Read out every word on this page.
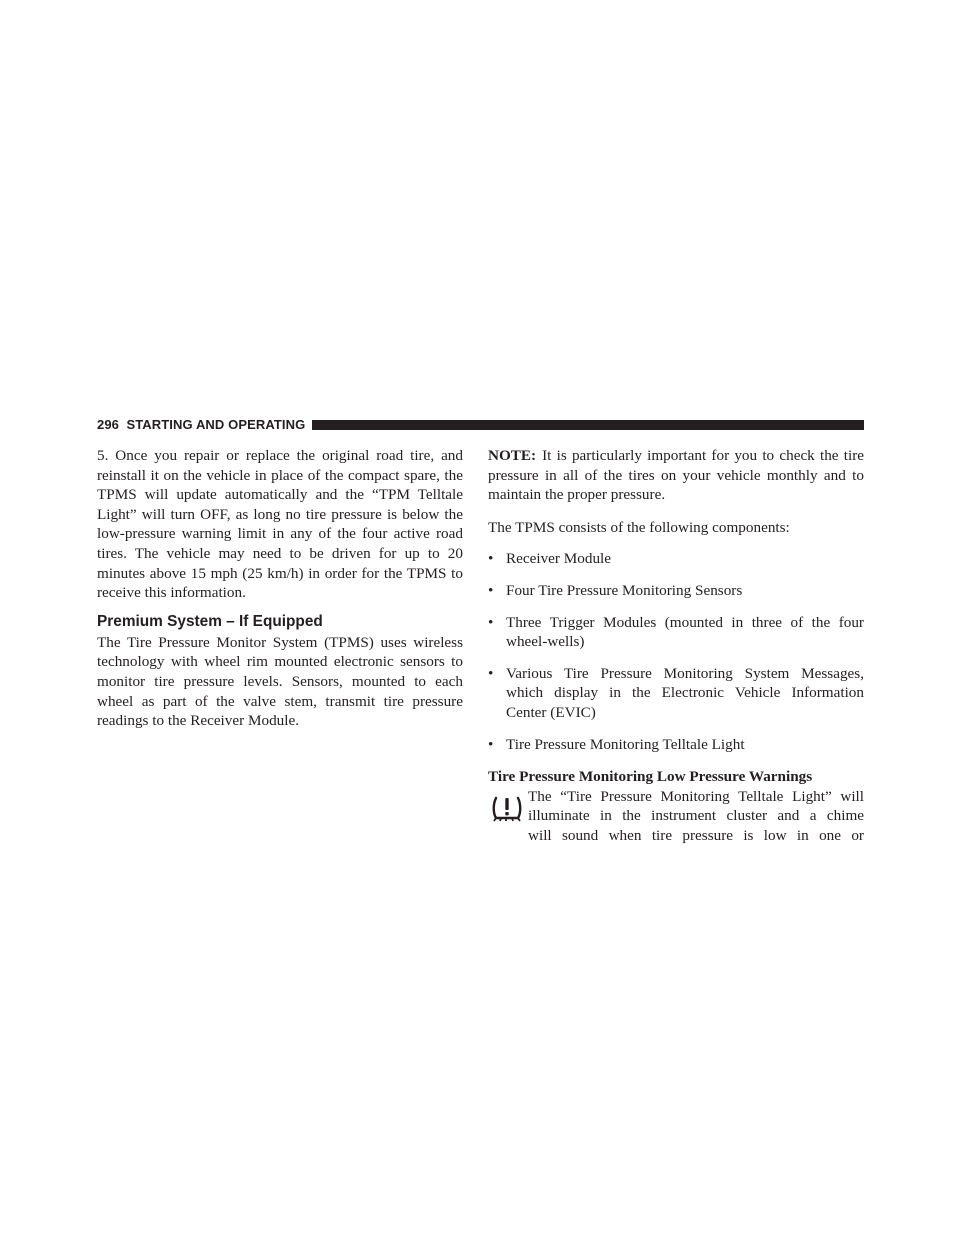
296 STARTING AND OPERATING

5. Once you repair or replace the original road tire, and reinstall it on the vehicle in place of the compact spare, the TPMS will update automatically and the “TPM Telltale Light” will turn OFF, as long no tire pressure is below the low-pressure warning limit in any of the four active road tires. The vehicle may need to be driven for up to 20 minutes above 15 mph (25 km/h) in order for the TPMS to receive this information.

Premium System – If Equipped

The Tire Pressure Monitor System (TPMS) uses wireless technology with wheel rim mounted electronic sensors to monitor tire pressure levels. Sensors, mounted to each wheel as part of the valve stem, transmit tire pressure readings to the Receiver Module.

NOTE: It is particularly important for you to check the tire pressure in all of the tires on your vehicle monthly and to maintain the proper pressure.

The TPMS consists of the following components:

• Receiver Module
• Four Tire Pressure Monitoring Sensors
• Three Trigger Modules (mounted in three of the four wheel-wells)
• Various Tire Pressure Monitoring System Messages, which display in the Electronic Vehicle Information Center (EVIC)
• Tire Pressure Monitoring Telltale Light
Tire Pressure Monitoring Low Pressure Warnings

The “Tire Pressure Monitoring Telltale Light” will

illuminate in the instrument cluster and a chime

will sound when tire pressure is low in one or
